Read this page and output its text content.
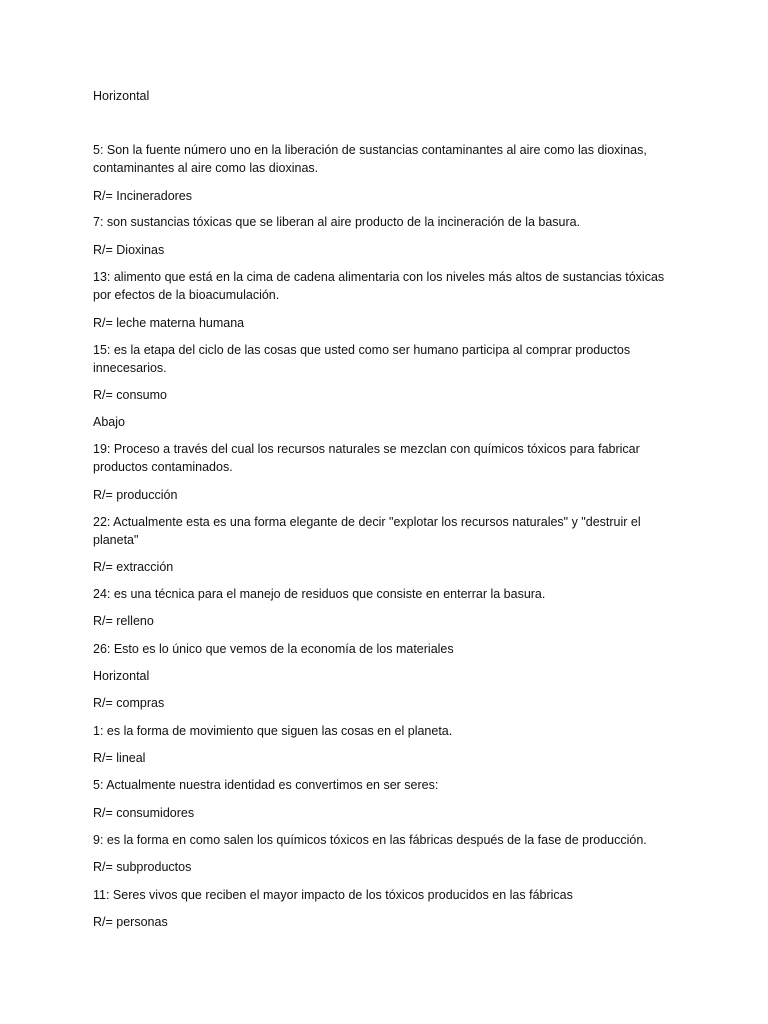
Horizontal

5: Son la fuente número uno en la liberación de sustancias contaminantes al aire como las dioxinas, contaminantes al aire como las dioxinas.

R/= Incineradores

7: son sustancias tóxicas que se liberan al aire producto de la incineración de la basura.

R/= Dioxinas

13: alimento que está en la cima de cadena alimentaria con los niveles más altos de sustancias tóxicas por efectos de la bioacumulación.

R/= leche materna humana

15: es la etapa del ciclo de las cosas que usted como ser humano participa al comprar productos innecesarios.

R/= consumo

Abajo

19: Proceso a través del cual los recursos naturales se mezclan con químicos tóxicos para fabricar productos contaminados.

R/= producción

22: Actualmente esta es una forma elegante de decir "explotar los recursos naturales" y "destruir el planeta"

R/= extracción

24: es una técnica para el manejo de residuos que consiste en enterrar la basura.

R/= relleno

26: Esto es lo único que vemos de la economía de los materiales

Horizontal

R/= compras

1: es la forma de movimiento que siguen las cosas en el planeta.

R/= lineal

5: Actualmente nuestra identidad es convertimos en ser seres:

R/= consumidores

9: es la forma en como salen los químicos tóxicos en las fábricas después de la fase de producción.

R/= subproductos

11: Seres vivos que reciben el mayor impacto de los tóxicos producidos en las fábricas

R/= personas
